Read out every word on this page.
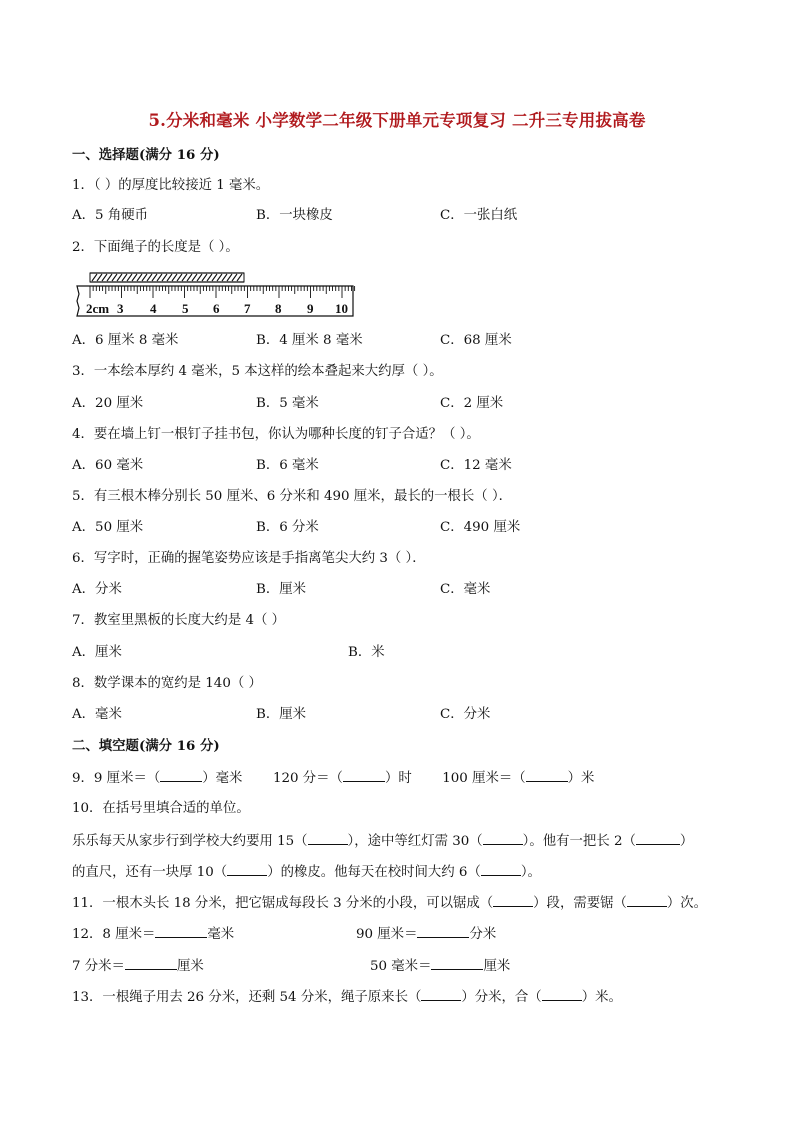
5.分米和毫米 小学数学二年级下册单元专项复习 二升三专用拔高卷
一、选择题(满分 16 分)
1．（ ）的厚度比较接近 1 毫米。
A．5 角硬币	B．一块橡皮	C．一张白纸
2．下面绳子的长度是（ ）。
2cm 3 4 5 6 7 8 9 10
A．6 厘米 8 毫米	B．4 厘米 8 毫米	C．68 厘米
3．一本绘本厚约 4 毫米，5 本这样的绘本叠起来大约厚（ ）。
A．20 厘米	B．5 毫米	C．2 厘米
4．要在墙上钉一根钉子挂书包，你认为哪种长度的钉子合适？（ ）。
A．60 毫米	B．6 毫米	C．12 毫米
5．有三根木棒分别长 50 厘米、6 分米和 490 厘米，最长的一根长（ ）．
A．50 厘米	B．6 分米	C．490 厘米
6．写字时，正确的握笔姿势应该是手指离笔尖大约 3（ ）．
A．分米	B．厘米	C．毫米
7．教室里黑板的长度大约是 4（ ）
A．厘米	B．米
8．数学课本的宽约是 140（ ）
A．毫米	B．厘米	C．分米
二、填空题(满分 16 分)
9．9 厘米＝（	）毫米 120 分＝（	）时 100 厘米＝（	）米
10．在括号里填合适的单位。
乐乐每天从家步行到学校大约要用 15（	），途中等红灯需 30（	）。他有一把长 2（	）
的直尺，还有一块厚 10（	）的橡皮。他每天在校时间大约 6（	）。
11．一根木头长 18 分米，把它锯成每段长 3 分米的小段，可以锯成（	）段，需要锯（	）次。
12．8 厘米＝	毫米	90 厘米＝	分米
7 分米＝	厘米	50 毫米＝	厘米
13．一根绳子用去 26 分米，还剩 54 分米，绳子原来长（	）分米，合（	）米。
